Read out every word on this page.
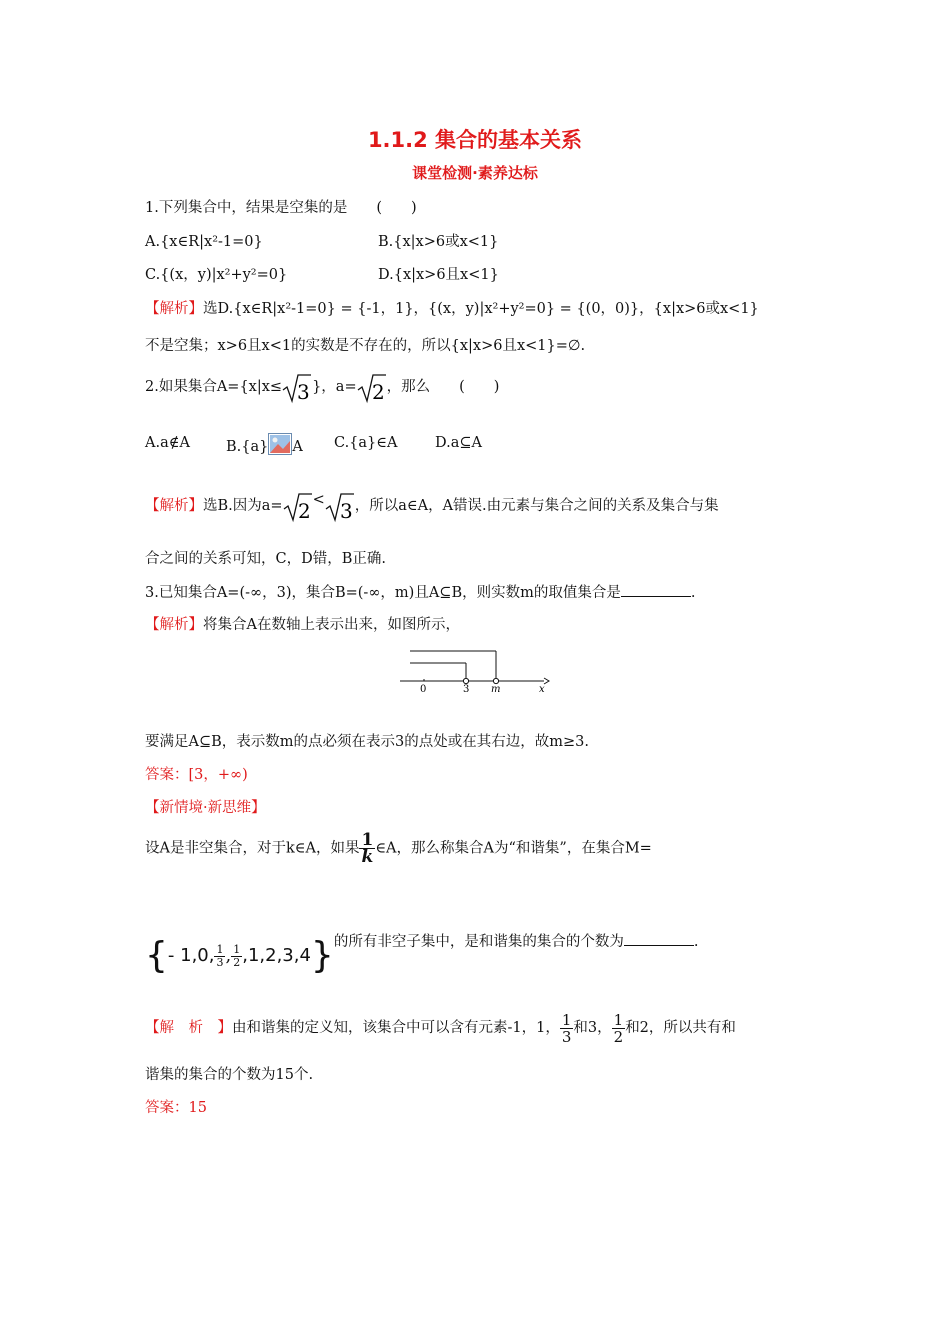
1.1.2 集合的基本关系
课堂检测·素养达标
1.下列集合中，结果是空集的是　　(　　)
A.{x∈R|x²-1=0}	B.{x|x>6或x<1}
C.{(x，y)|x²+y²=0}	D.{x|x>6且x<1}
【解析】选D.{x∈R|x²-1=0} = {-1，1}，{(x，y)|x²+y²=0} = {(0，0)}，{x|x>6或x<1}
不是空集；x>6且x<1的实数是不存在的，所以{x|x>6且x<1}=∅.
2.如果集合A={x|x≤ 3 }，a= 2 ，那么　　(　　)
A.a∉A B.{a} A C.{a}∈A	D.a⊆A
【解析】选B.因为a= 2 < 3 ，所以a∈A，A错误.由元素与集合之间的关系及集合与集
合之间的关系可知，C，D错，B正确.
3.已知集合A=(-∞，3)，集合B=(-∞，m)且A⊆B，则实数m的取值集合是	.
【解析】将集合A在数轴上表示出来，如图所示，
0	3 m	x
要满足A⊆B，表示数m的点必须在表示3的点处或在其右边，故m≥3.
答案：[3，+∞)
【新情境·新思维】
设A是非空集合，对于k∈A，如果 $\frac{1}{k}$ ∈A，那么称集合A为“和谐集”，在集合M=
{- 1,0, $\frac{1}{3}$ , $\frac{1}{2} ,1,2,3,4$}的所有非空子集中，是和谐集的集合的个数为	.
【解　析　】由和谐集的定义知，该集合中可以含有元素-1，1， $\frac{1}{3}$ 和3， $\frac{1}{2}$ 和2，所以共有和
谐集的集合的个数为15个.
答案：15
